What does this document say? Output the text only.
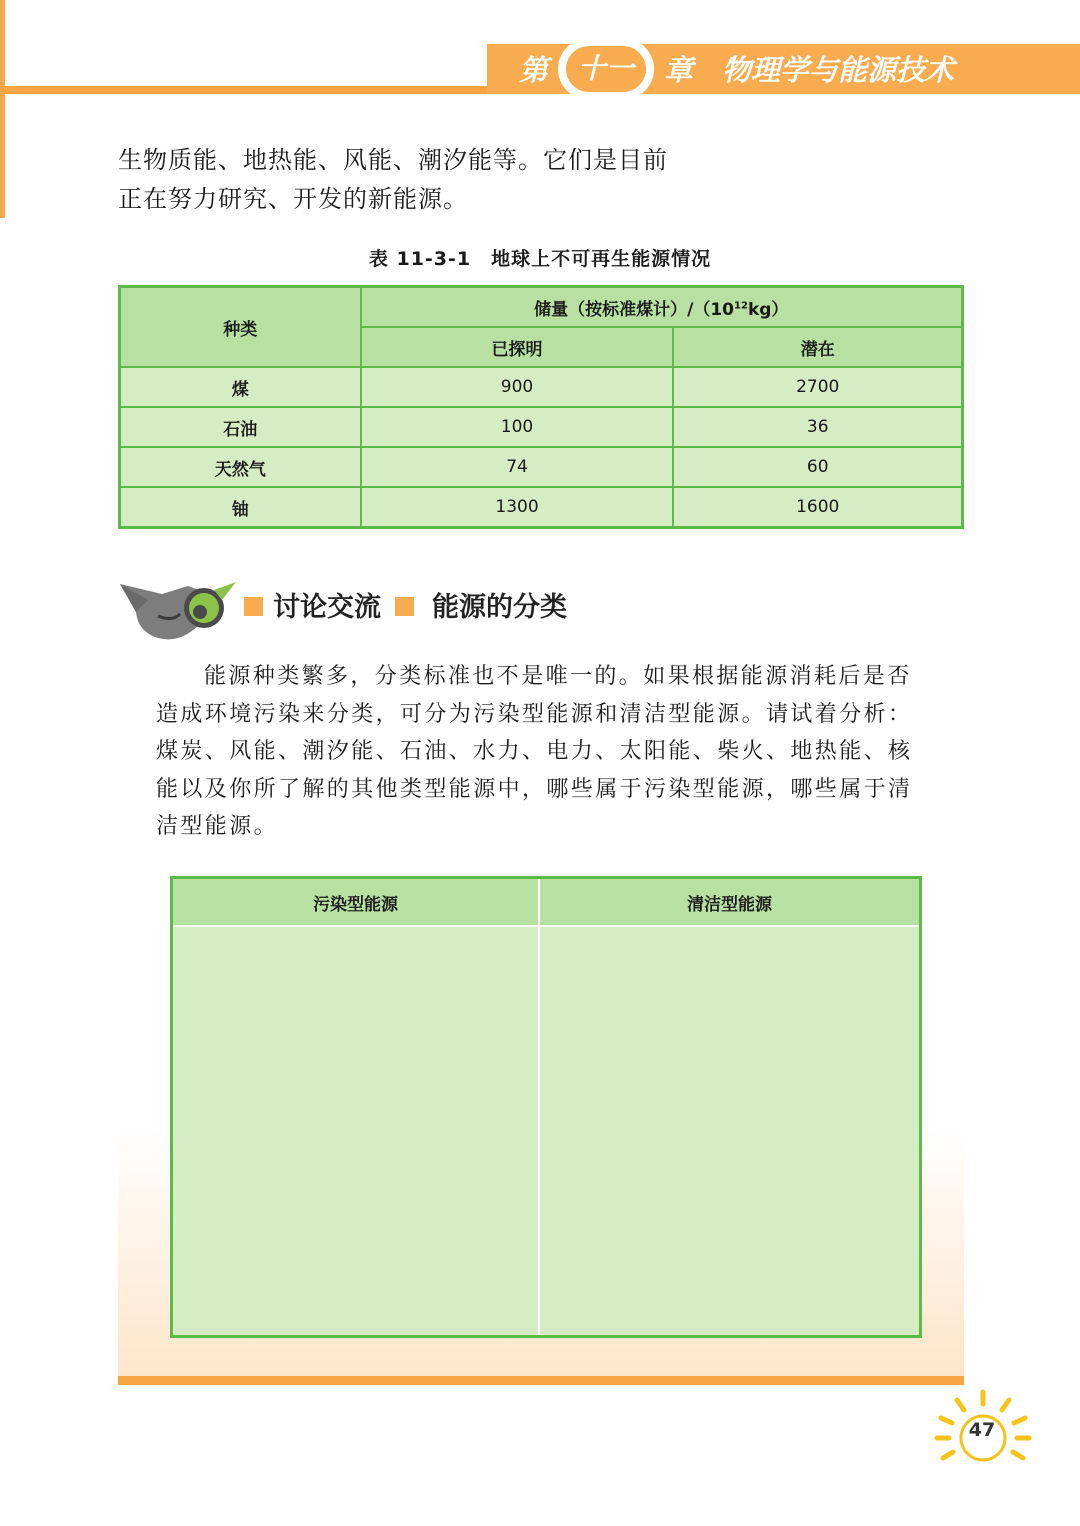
第	十一	章 物理学与能源技术
生物质能、地热能、风能、潮汐能等。它们是目前
正在努力研究、开发的新能源。
表 11-3-1　地球上不可再生能源情况
种类	储量（按标准煤计）$/(10^{12}kg)$	
	已探明	潜在
煤	900	2700
石油	100	36
天然气	74	60
铀	1300	1600
讨论交流 能源的分类
能源种类繁多，分类标准也不是唯一的。如果根据能源消耗后是否造成环境污染来分类，可分为污染型能源和清洁型能源。请试着分析：煤炭、风能、潮汐能、石油、水力、电力、太阳能、柴火、地热能、核能以及你所了解的其他类型能源中，哪些属于污染型能源，哪些属于清洁型能源。
污染型能源	清洁型能源

47
